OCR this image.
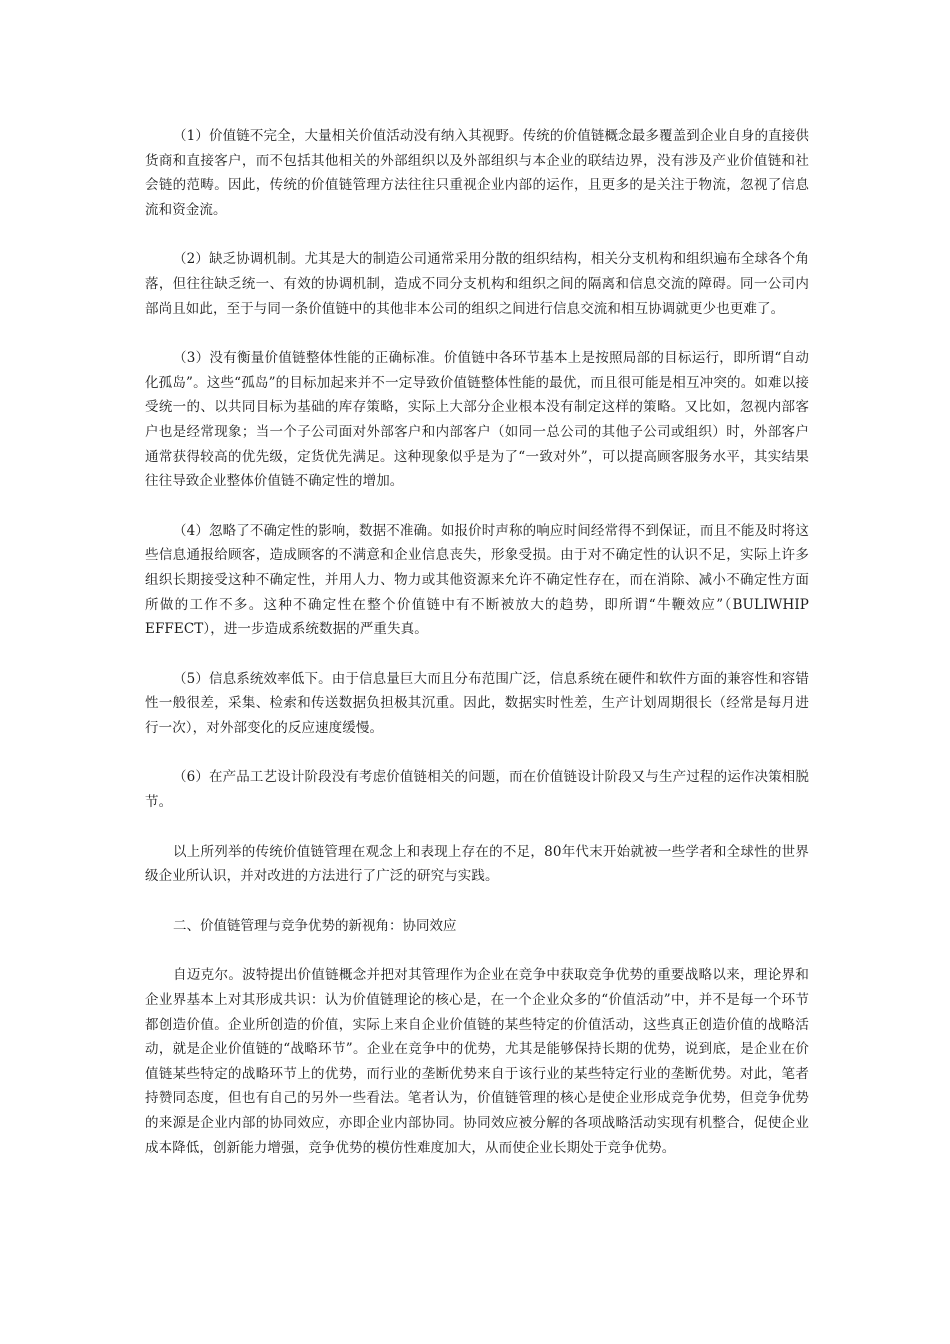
（1）价值链不完全，大量相关价值活动没有纳入其视野。传统的价值链概念最多覆盖到企业自身的直接供货商和直接客户，而不包括其他相关的外部组织以及外部组织与本企业的联结边界，没有涉及产业价值链和社会链的范畴。因此，传统的价值链管理方法往往只重视企业内部的运作，且更多的是关注于物流，忽视了信息流和资金流。

（2）缺乏协调机制。尤其是大的制造公司通常采用分散的组织结构，相关分支机构和组织遍布全球各个角落，但往往缺乏统一、有效的协调机制，造成不同分支机构和组织之间的隔离和信息交流的障碍。同一公司内部尚且如此，至于与同一条价值链中的其他非本公司的组织之间进行信息交流和相互协调就更少也更难了。

（3）没有衡量价值链整体性能的正确标准。价值链中各环节基本上是按照局部的目标运行，即所谓“自动化孤岛”。这些“孤岛”的目标加起来并不一定导致价值链整体性能的最优，而且很可能是相互冲突的。如难以接受统一的、以共同目标为基础的库存策略，实际上大部分企业根本没有制定这样的策略。又比如，忽视内部客户也是经常现象；当一个子公司面对外部客户和内部客户（如同一总公司的其他子公司或组织）时，外部客户通常获得较高的优先级，定货优先满足。这种现象似乎是为了“一致对外”，可以提高顾客服务水平，其实结果往往导致企业整体价值链不确定性的增加。

（4）忽略了不确定性的影响，数据不准确。如报价时声称的响应时间经常得不到保证，而且不能及时将这些信息通报给顾客，造成顾客的不满意和企业信息丧失，形象受损。由于对不确定性的认识不足，实际上许多组织长期接受这种不确定性，并用人力、物力或其他资源来允许不确定性存在，而在消除、减小不确定性方面所做的工作不多。这种不确定性在整个价值链中有不断被放大的趋势，即所谓“牛鞭效应”（BULIWHIP EFFECT），进一步造成系统数据的严重失真。

（5）信息系统效率低下。由于信息量巨大而且分布范围广泛，信息系统在硬件和软件方面的兼容性和容错性一般很差，采集、检索和传送数据负担极其沉重。因此，数据实时性差，生产计划周期很长（经常是每月进行一次），对外部变化的反应速度缓慢。

（6）在产品工艺设计阶段没有考虑价值链相关的问题，而在价值链设计阶段又与生产过程的运作决策相脱节。

以上所列举的传统价值链管理在观念上和表现上存在的不足，80年代末开始就被一些学者和全球性的世界级企业所认识，并对改进的方法进行了广泛的研究与实践。

二、价值链管理与竞争优势的新视角：协同效应

自迈克尔。波特提出价值链概念并把对其管理作为企业在竞争中获取竞争优势的重要战略以来，理论界和企业界基本上对其形成共识：认为价值链理论的核心是，在一个企业众多的“价值活动”中，并不是每一个环节都创造价值。企业所创造的价值，实际上来自企业价值链的某些特定的价值活动，这些真正创造价值的战略活动，就是企业价值链的“战略环节”。企业在竞争中的优势，尤其是能够保持长期的优势，说到底，是企业在价值链某些特定的战略环节上的优势，而行业的垄断优势来自于该行业的某些特定行业的垄断优势。对此，笔者持赞同态度，但也有自己的另外一些看法。笔者认为，价值链管理的核心是使企业形成竞争优势，但竞争优势的来源是企业内部的协同效应，亦即企业内部协同。协同效应被分解的各项战略活动实现有机整合，促使企业成本降低，创新能力增强，竞争优势的模仿性难度加大，从而使企业长期处于竞争优势。
